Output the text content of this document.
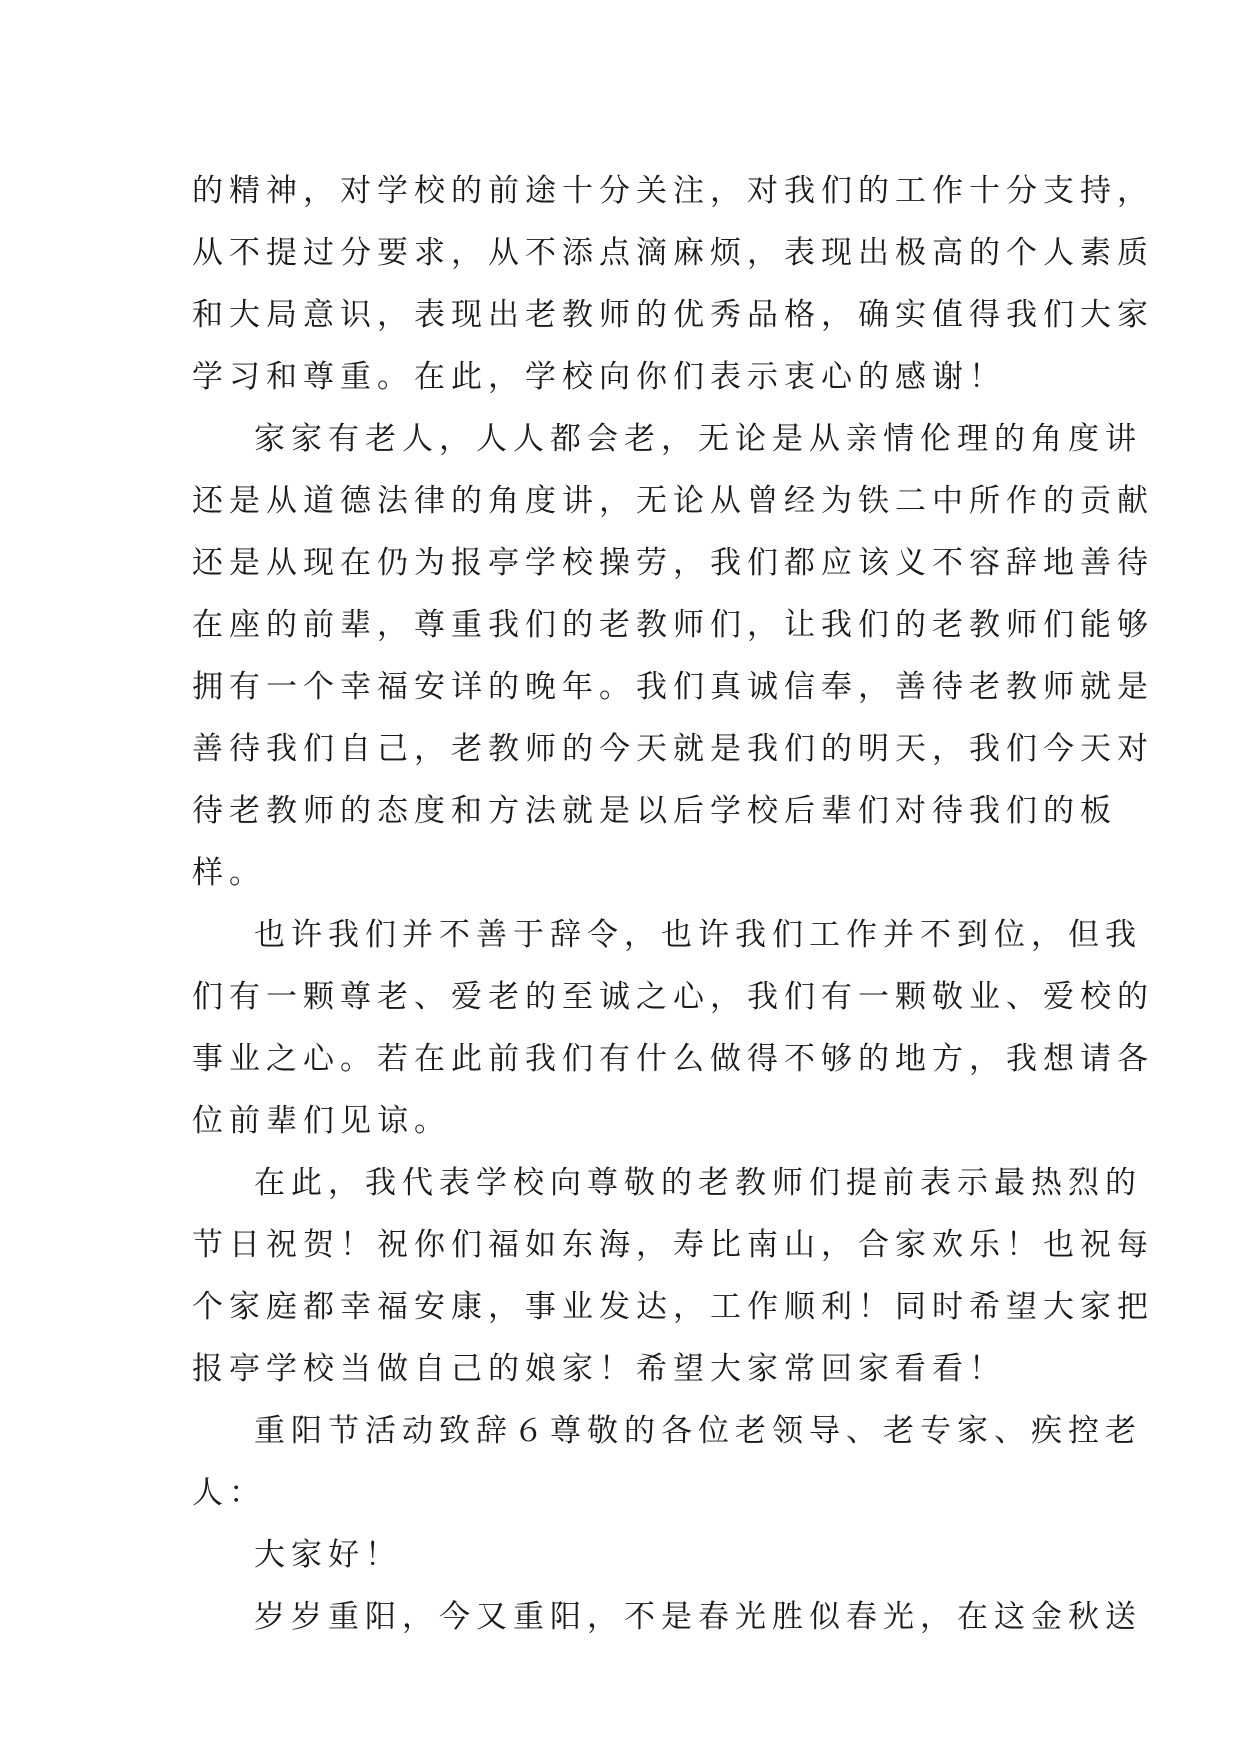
的精神，对学校的前途十分关注，对我们的工作十分支持，
从不提过分要求，从不添点滴麻烦，表现出极高的个人素质
和大局意识，表现出老教师的优秀品格，确实值得我们大家
学习和尊重。在此，学校向你们表示衷心的感谢！
家家有老人，人人都会老，无论是从亲情伦理的角度讲
还是从道德法律的角度讲，无论从曾经为铁二中所作的贡献
还是从现在仍为报亭学校操劳，我们都应该义不容辞地善待
在座的前辈，尊重我们的老教师们，让我们的老教师们能够
拥有一个幸福安详的晚年。我们真诚信奉，善待老教师就是
善待我们自己，老教师的今天就是我们的明天，我们今天对
待老教师的态度和方法就是以后学校后辈们对待我们的板
样。
也许我们并不善于辞令，也许我们工作并不到位，但我
们有一颗尊老、爱老的至诚之心，我们有一颗敬业、爱校的
事业之心。若在此前我们有什么做得不够的地方，我想请各
位前辈们见谅。
在此，我代表学校向尊敬的老教师们提前表示最热烈的
节日祝贺！祝你们福如东海，寿比南山，合家欢乐！也祝每
个家庭都幸福安康，事业发达，工作顺利！同时希望大家把
报亭学校当做自己的娘家！希望大家常回家看看！
重阳节活动致辞６尊敬的各位老领导、老专家、疾控老
人：
大家好！
岁岁重阳，今又重阳，不是春光胜似春光，在这金秋送
